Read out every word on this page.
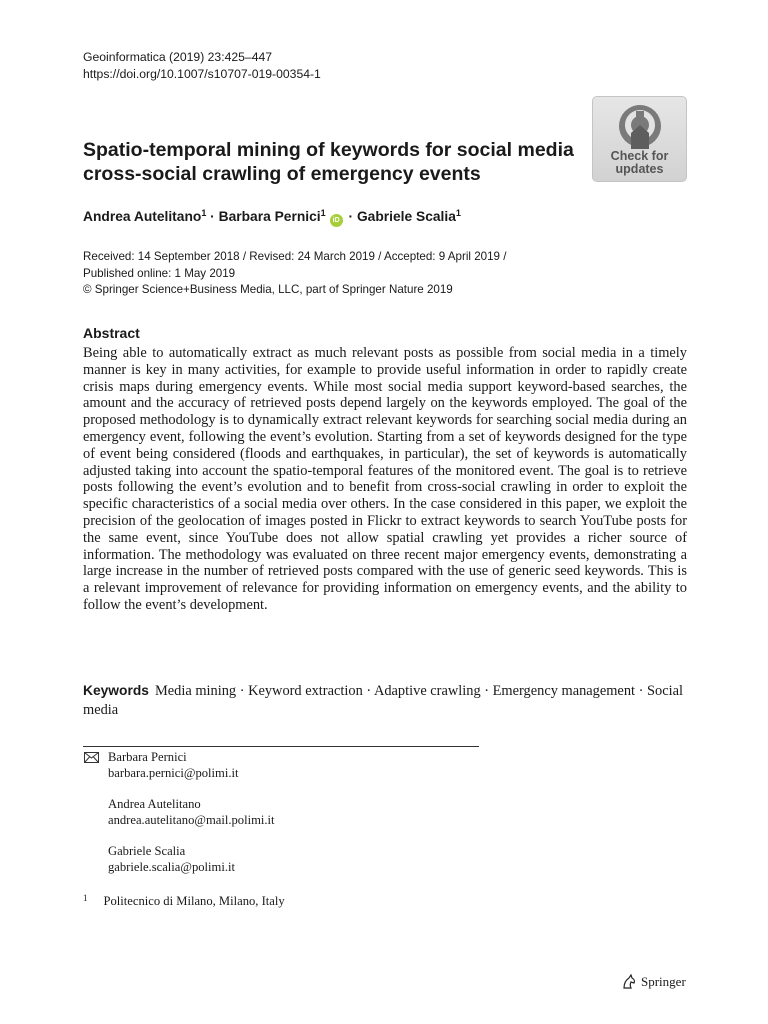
Geoinformatica (2019) 23:425–447
https://doi.org/10.1007/s10707-019-00354-1
Check for
updates
Spatio-temporal mining of keywords for social media cross-social crawling of emergency events
Andrea Autelitano$^1$ · Barbara Pernici$^1$iD · Gabriele Scalia$^1$
Received: 14 September 2018 / Revised: 24 March 2019 / Accepted: 9 April 2019 /
Published online: 1 May 2019
© Springer Science+Business Media, LLC, part of Springer Nature 2019
Abstract

Being able to automatically extract as much relevant posts as possible from social media in a timely manner is key in many activities, for example to provide useful information in order to rapidly create crisis maps during emergency events. While most social media support keyword-based searches, the amount and the accuracy of retrieved posts depend largely on the keywords employed. The goal of the proposed methodology is to dynamically extract relevant keywords for searching social media during an emergency event, following the event’s evolution. Starting from a set of keywords designed for the type of event being considered (floods and earthquakes, in particular), the set of keywords is automatically adjusted taking into account the spatio-temporal features of the monitored event. The goal is to retrieve posts following the event’s evolution and to benefit from cross-social crawling in order to exploit the specific characteristics of a social media over others. In the case considered in this paper, we exploit the precision of the geolocation of images posted in Flickr to extract keywords to search YouTube posts for the same event, since YouTube does not allow spatial crawling yet provides a richer source of information. The methodology was evaluated on three recent major emergency events, demonstrating a large increase in the number of retrieved posts compared with the use of generic seed keywords. This is a relevant improvement of relevance for providing information on emergency events, and the ability to follow the event’s development.

Keywords Media mining · Keyword extraction · Adaptive crawling · Emergency management · Social media
Barbara Pernici
barbara.pernici@polimi.it
Andrea Autelitano
andrea.autelitano@mail.polimi.it
Gabriele Scalia
gabriele.scalia@polimi.it
$^1$ Politecnico di Milano, Milano, Italy
Springer
